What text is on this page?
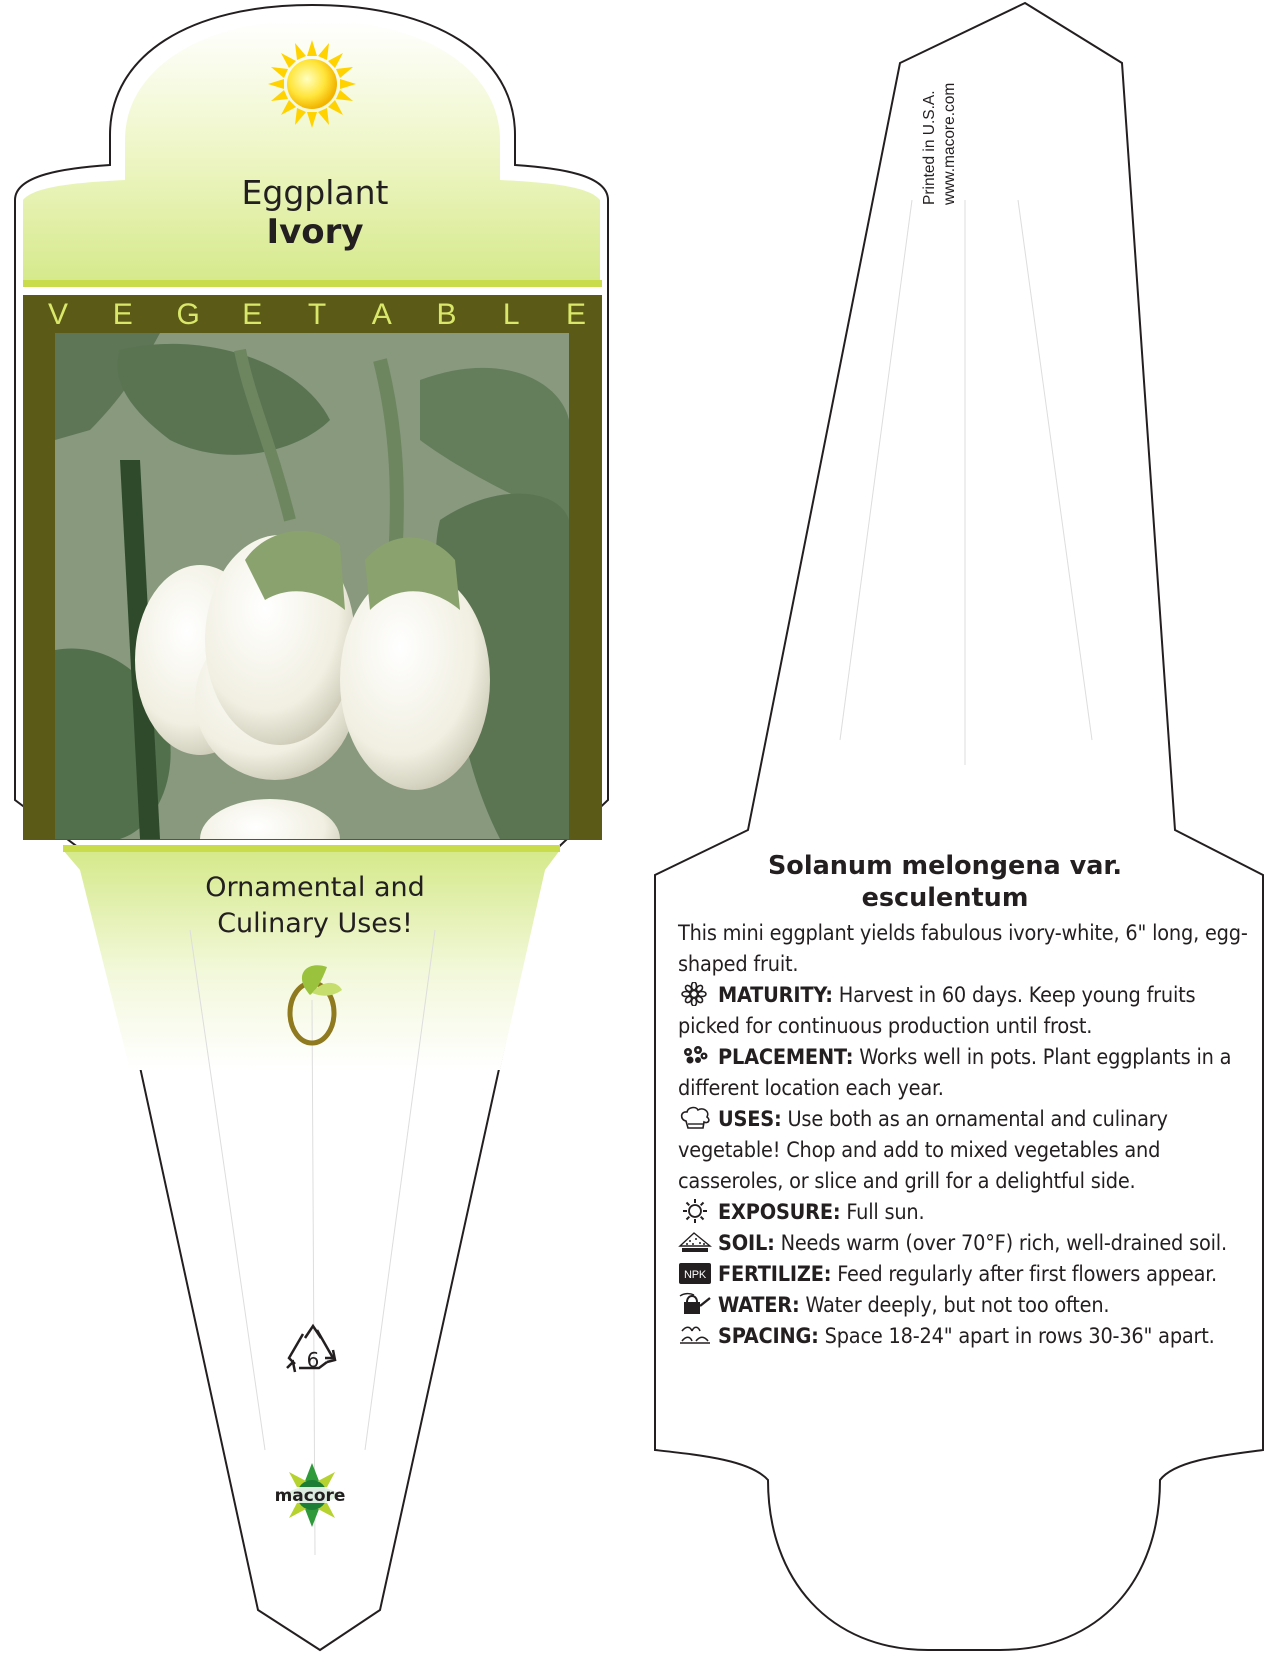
Eggplant
Ivory
V E G E T A B L E
Ornamental and
Culinary Uses!
6
macore
Printed in U.S.A. www.macore.com
Solanum melongena var.
esculentum

This mini eggplant yields fabulous ivory-white, 6" long, egg-shaped fruit.

MATURITY: Harvest in 60 days. Keep young fruits picked for continuous production until frost.

PLACEMENT: Works well in pots. Plant eggplants in a different location each year.

USES: Use both as an ornamental and culinary vegetable! Chop and add to mixed vegetables and casseroles, or slice and grill for a delightful side.

EXPOSURE: Full sun.

SOIL: Needs warm (over 70°F) rich, well-drained soil.

NPK FERTILIZE: Feed regularly after first flowers appear.

WATER: Water deeply, but not too often.

SPACING: Space 18-24" apart in rows 30-36" apart.
